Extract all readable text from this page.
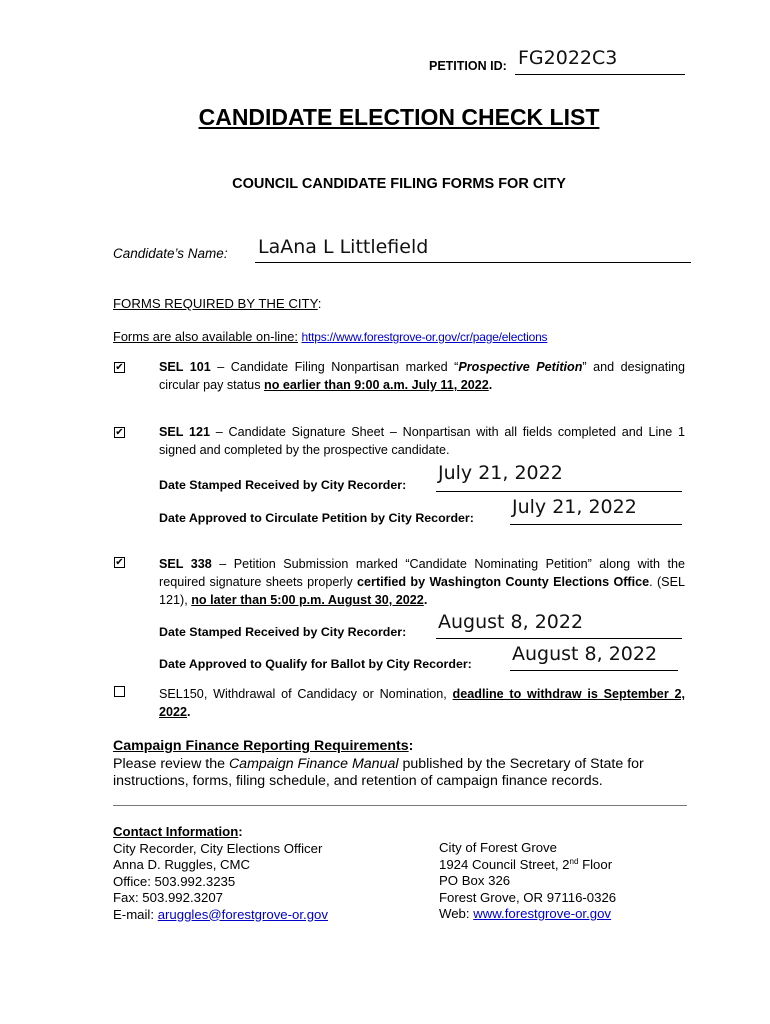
PETITION ID: FG2022C3
CANDIDATE ELECTION CHECK LIST
COUNCIL CANDIDATE FILING FORMS FOR CITY
Candidate’s Name: LaAna L Littlefield
FORMS REQUIRED BY THE CITY:
Forms are also available on-line: https://www.forestgrove-or.gov/cr/page/elections
✔	SEL 101 – Candidate Filing Nonpartisan marked “Prospective Petition” and designating circular pay status no earlier than 9:00 a.m. July 11, 2022.
✔	SEL 121 – Candidate Signature Sheet – Nonpartisan with all fields completed and Line 1 signed and completed by the prospective candidate.
Date Stamped Received by City Recorder:
July 21, 2022
Date Approved to Circulate Petition by City Recorder: July 21, 2022
✔	SEL 338 – Petition Submission marked “Candidate Nominating Petition” along with the required signature sheets properly certified by Washington County Elections Office. (SEL 121), no later than 5:00 p.m. August 30, 2022.
Date Stamped Received by City Recorder: August 8, 2022
Date Approved to Qualify for Ballot by City Recorder: August 8, 2022
SEL150, Withdrawal of Candidacy or Nomination, deadline to withdraw is September 2, 2022.
Campaign Finance Reporting Requirements:
Please review the Campaign Finance Manual published by the Secretary of State for instructions, forms, filing schedule, and retention of campaign finance records.
Contact Information:
City Recorder, City Elections Officer
Anna D. Ruggles, CMC
Office: 503.992.3235
Fax: 503.992.3207
E-mail: aruggles@forestgrove-or.gov
City of Forest Grove
1924 Council Street, 2nd Floor
PO Box 326
Forest Grove, OR 97116-0326
Web: www.forestgrove-or.gov
